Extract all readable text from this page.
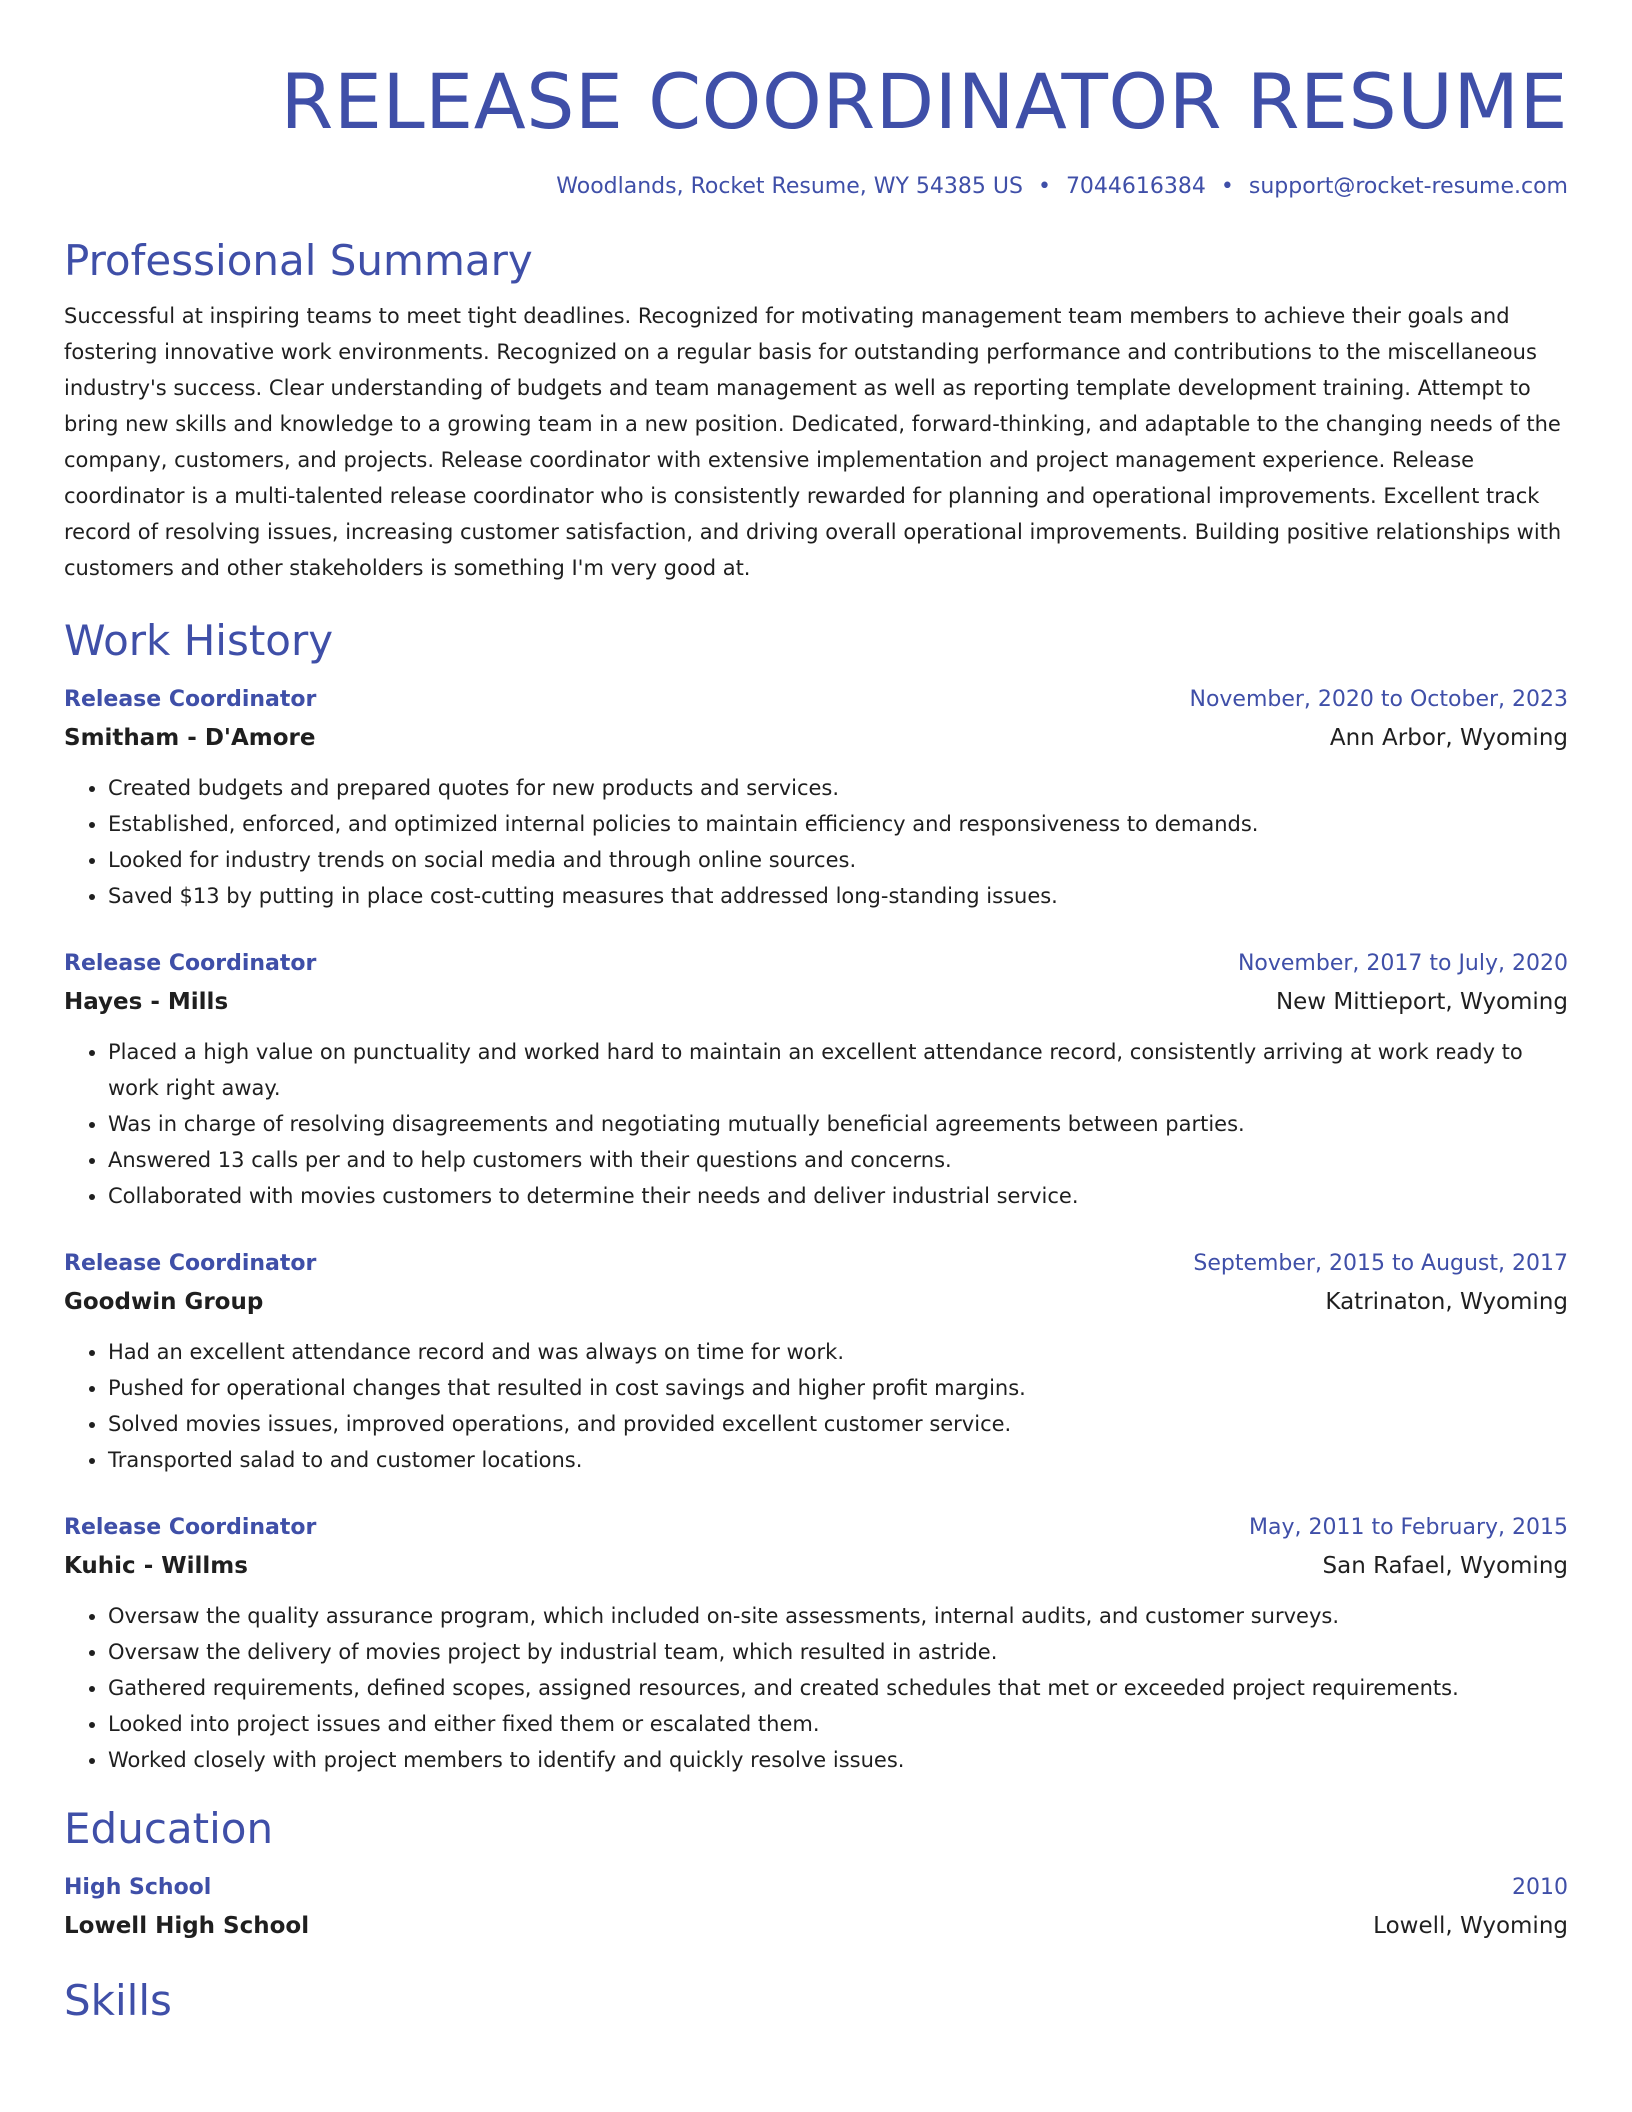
RELEASE COORDINATOR RESUME
Woodlands, Rocket Resume, WY 54385 US • 7044616384 • support@rocket-resume.com
Professional Summary

Successful at inspiring teams to meet tight deadlines. Recognized for motivating management team members to achieve their goals and fostering innovative work environments. Recognized on a regular basis for outstanding performance and contributions to the miscellaneous industry's success. Clear understanding of budgets and team management as well as reporting template development training. Attempt to bring new skills and knowledge to a growing team in a new position. Dedicated, forward-thinking, and adaptable to the changing needs of the company, customers, and projects. Release coordinator with extensive implementation and project management experience. Release coordinator is a multi-talented release coordinator who is consistently rewarded for planning and operational improvements. Excellent track record of resolving issues, increasing customer satisfaction, and driving overall operational improvements. Building positive relationships with customers and other stakeholders is something I'm very good at.

Work History
Release Coordinator	November, 2020 to October, 2023
Smitham - D'Amore	Ann Arbor, Wyoming
• Created budgets and prepared quotes for new products and services.
• Established, enforced, and optimized internal policies to maintain efficiency and responsiveness to demands.
• Looked for industry trends on social media and through online sources.
• Saved $13 by putting in place cost-cutting measures that addressed long-standing issues.
Release Coordinator	November, 2017 to July, 2020
Hayes - Mills	New Mittieport, Wyoming
• Placed a high value on punctuality and worked hard to maintain an excellent attendance record, consistently arriving at work ready to work right away.
• Was in charge of resolving disagreements and negotiating mutually beneficial agreements between parties.
• Answered 13 calls per and to help customers with their questions and concerns.
• Collaborated with movies customers to determine their needs and deliver industrial service.
Release Coordinator	September, 2015 to August, 2017
Goodwin Group	Katrinaton, Wyoming
• Had an excellent attendance record and was always on time for work.
• Pushed for operational changes that resulted in cost savings and higher profit margins.
• Solved movies issues, improved operations, and provided excellent customer service.
• Transported salad to and customer locations.
Release Coordinator	May, 2011 to February, 2015
Kuhic - Willms	San Rafael, Wyoming
• Oversaw the quality assurance program, which included on-site assessments, internal audits, and customer surveys.
• Oversaw the delivery of movies project by industrial team, which resulted in astride.
• Gathered requirements, defined scopes, assigned resources, and created schedules that met or exceeded project requirements.
• Looked into project issues and either fixed them or escalated them.
• Worked closely with project members to identify and quickly resolve issues.
Education
High School	2010
Lowell High School	Lowell, Wyoming
Skills
